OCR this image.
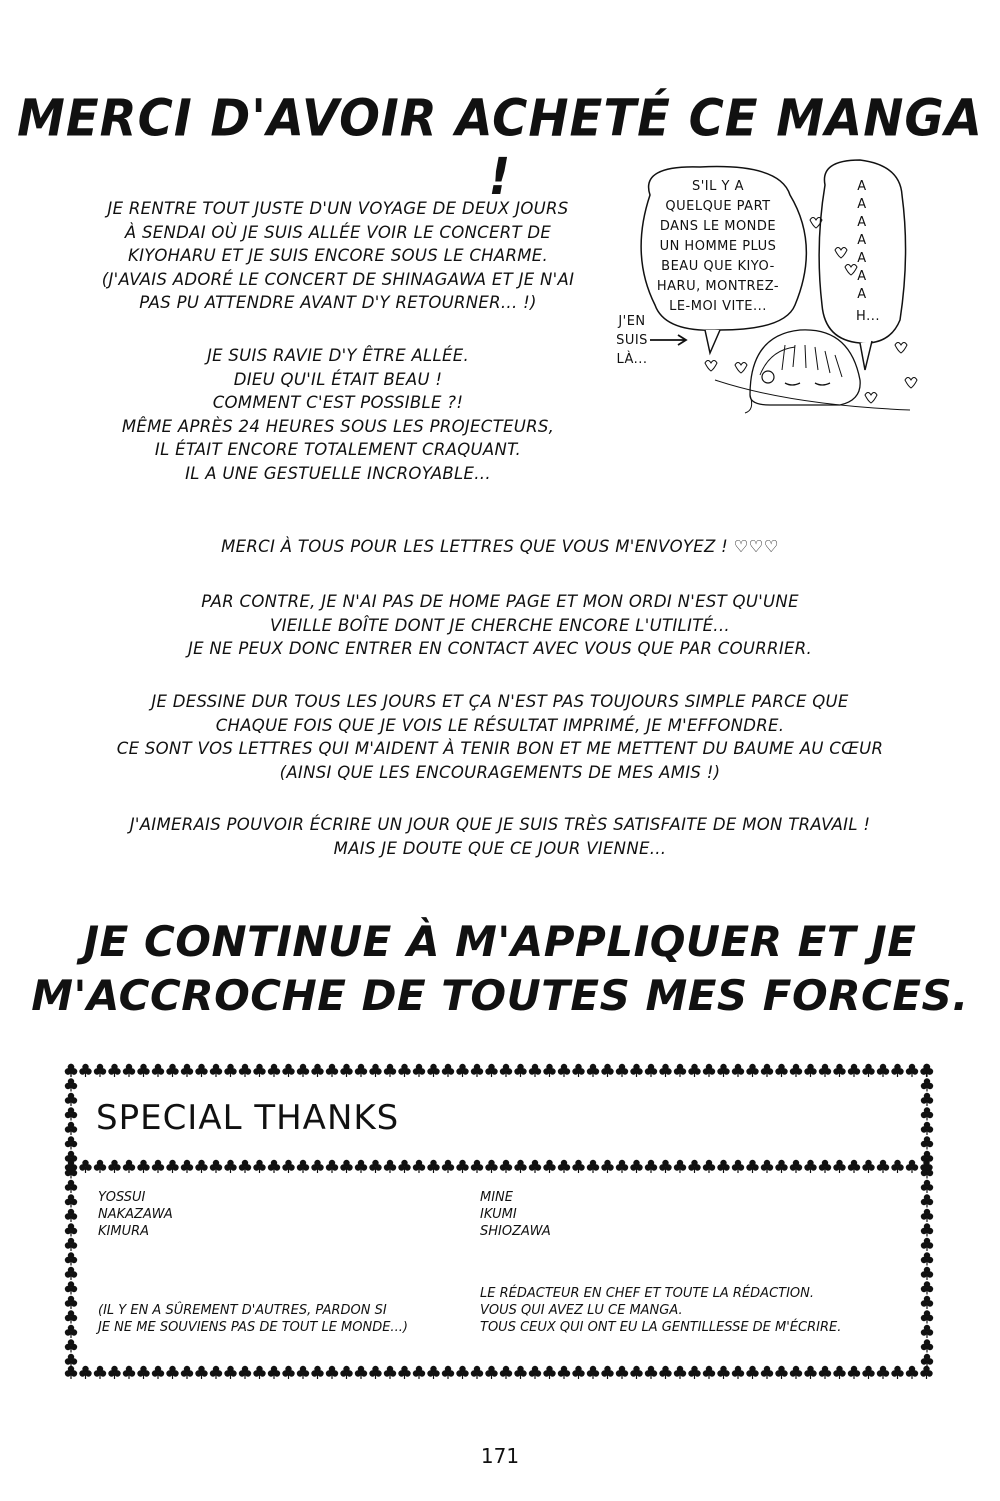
MERCI D'AVOIR ACHETÉ CE MANGA !
JE RENTRE TOUT JUSTE D'UN VOYAGE DE DEUX JOURS
À SENDAI OÙ JE SUIS ALLÉE VOIR LE CONCERT DE
KIYOHARU ET JE SUIS ENCORE SOUS LE CHARME.
(J'AVAIS ADORÉ LE CONCERT DE SHINAGAWA ET JE N'AI
PAS PU ATTENDRE AVANT D'Y RETOURNER... !)
JE SUIS RAVIE D'Y ÊTRE ALLÉE.
DIEU QU'IL ÉTAIT BEAU !
COMMENT C'EST POSSIBLE ?!
MÊME APRÈS 24 HEURES SOUS LES PROJECTEURS,
IL ÉTAIT ENCORE TOTALEMENT CRAQUANT.
IL A UNE GESTUELLE INCROYABLE...
S'IL Y A
QUELQUE PART
DANS LE MONDE
UN HOMME PLUS
BEAU QUE KIYO-
HARU, MONTREZ-
LE-MOI VITE...
A
A
A
A
A
A
A
H...
J'EN
SUIS
LÀ...
MERCI À TOUS POUR LES LETTRES QUE VOUS M'ENVOYEZ ! ♡♡♡
PAR CONTRE, JE N'AI PAS DE HOME PAGE ET MON ORDI N'EST QU'UNE
VIEILLE BOÎTE DONT JE CHERCHE ENCORE L'UTILITÉ...
JE NE PEUX DONC ENTRER EN CONTACT AVEC VOUS QUE PAR COURRIER.
JE DESSINE DUR TOUS LES JOURS ET ÇA N'EST PAS TOUJOURS SIMPLE PARCE QUE
CHAQUE FOIS QUE JE VOIS LE RÉSULTAT IMPRIMÉ, JE M'EFFONDRE.
CE SONT VOS LETTRES QUI M'AIDENT À TENIR BON ET ME METTENT DU BAUME AU CŒUR
(AINSI QUE LES ENCOURAGEMENTS DE MES AMIS !)
J'AIMERAIS POUVOIR ÉCRIRE UN JOUR QUE JE SUIS TRÈS SATISFAITE DE MON TRAVAIL !
MAIS JE DOUTE QUE CE JOUR VIENNE...
JE CONTINUE À M'APPLIQUER ET JE
M'ACCROCHE DE TOUTES MES FORCES.
SPECIAL THANKS
YOSSUI
NAKAZAWA
KIMURA
MINE
IKUMI
SHIOZAWA
(IL Y EN A SÛREMENT D'AUTRES, PARDON SI
JE NE ME SOUVIENS PAS DE TOUT LE MONDE...)
LE RÉDACTEUR EN CHEF ET TOUTE LA RÉDACTION.
VOUS QUI AVEZ LU CE MANGA.
TOUS CEUX QUI ONT EU LA GENTILLESSE DE M'ÉCRIRE.
171
